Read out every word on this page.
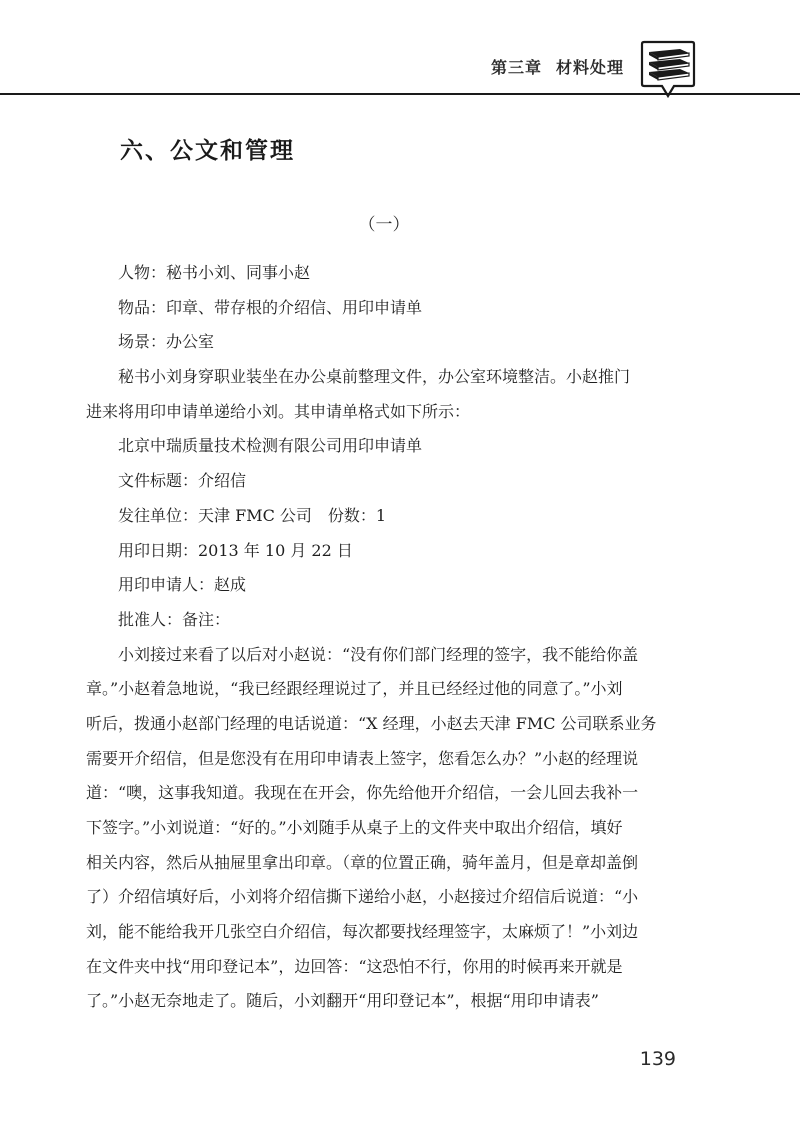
第三章 材料处理
六、公文和管理
（一）
人物：秘书小刘、同事小赵
物品：印章、带存根的介绍信、用印申请单
场景：办公室
秘书小刘身穿职业装坐在办公桌前整理文件，办公室环境整洁。小赵推门
进来将用印申请单递给小刘。其申请单格式如下所示：
北京中瑞质量技术检测有限公司用印申请单
文件标题：介绍信
发往单位：天津 FMC 公司　份数：1
用印日期：2013 年 10 月 22 日
用印申请人：赵成
批准人：备注：
小刘接过来看了以后对小赵说：“没有你们部门经理的签字，我不能给你盖
章。”小赵着急地说，“我已经跟经理说过了，并且已经经过他的同意了。”小刘
听后，拨通小赵部门经理的电话说道：“X 经理，小赵去天津 FMC 公司联系业务
需要开介绍信，但是您没有在用印申请表上签字，您看怎么办？”小赵的经理说
道：“噢，这事我知道。我现在在开会，你先给他开介绍信，一会儿回去我补一
下签字。”小刘说道：“好的。”小刘随手从桌子上的文件夹中取出介绍信，填好
相关内容，然后从抽屉里拿出印章。（章的位置正确，骑年盖月，但是章却盖倒
了）介绍信填好后，小刘将介绍信撕下递给小赵，小赵接过介绍信后说道：“小
刘，能不能给我开几张空白介绍信，每次都要找经理签字，太麻烦了！”小刘边
在文件夹中找“用印登记本”，边回答：“这恐怕不行，你用的时候再来开就是
了。”小赵无奈地走了。随后，小刘翻开“用印登记本”，根据“用印申请表”
139
